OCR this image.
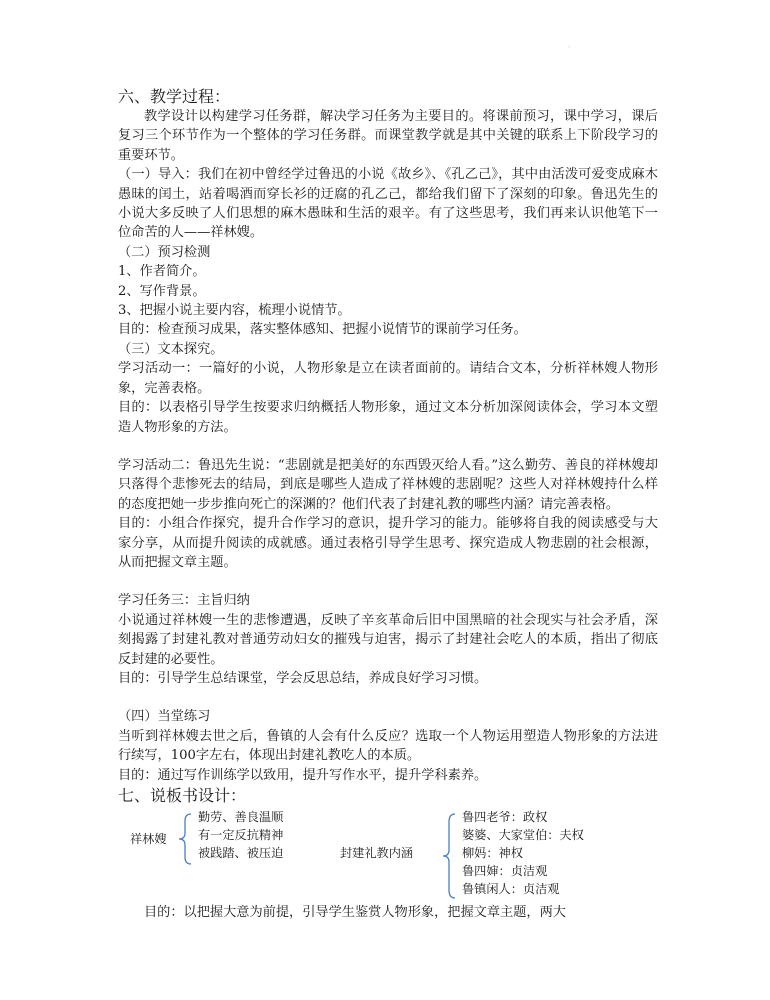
。

六、教学过程：

教学设计以构建学习任务群，解决学习任务为主要目的。将课前预习，课中学习，课后复习三个环节作为一个整体的学习任务群。而课堂教学就是其中关键的联系上下阶段学习的重要环节。

（一）导入：我们在初中曾经学过鲁迅的小说《故乡》、《孔乙己》，其中由活泼可爱变成麻木愚昧的闰土，站着喝酒而穿长衫的迂腐的孔乙己，都给我们留下了深刻的印象。鲁迅先生的小说大多反映了人们思想的麻木愚昧和生活的艰辛。有了这些思考，我们再来认识他笔下一位命苦的人——祥林嫂。

（二）预习检测

1、作者简介。

2、写作背景。

3、把握小说主要内容，梳理小说情节。

目的：检查预习成果，落实整体感知、把握小说情节的课前学习任务。

（三）文本探究。

学习活动一：一篇好的小说，人物形象是立在读者面前的。请结合文本，分析祥林嫂人物形象，完善表格。

目的：以表格引导学生按要求归纳概括人物形象，通过文本分析加深阅读体会，学习本文塑造人物形象的方法。

学习活动二：鲁迅先生说：“悲剧就是把美好的东西毁灭给人看。”这么勤劳、善良的祥林嫂却只落得个悲惨死去的结局，到底是哪些人造成了祥林嫂的悲剧呢？这些人对祥林嫂持什么样的态度把她一步步推向死亡的深渊的？他们代表了封建礼教的哪些内涵？请完善表格。

目的：小组合作探究，提升合作学习的意识，提升学习的能力。能够将自我的阅读感受与大家分享，从而提升阅读的成就感。通过表格引导学生思考、探究造成人物悲剧的社会根源，从而把握文章主题。

学习任务三：主旨归纳

小说通过祥林嫂一生的悲惨遭遇，反映了辛亥革命后旧中国黑暗的社会现实与社会矛盾，深刻揭露了封建礼教对普通劳动妇女的摧残与迫害，揭示了封建社会吃人的本质，指出了彻底反封建的必要性。

目的：引导学生总结课堂，学会反思总结，养成良好学习习惯。

（四）当堂练习

当听到祥林嫂去世之后，鲁镇的人会有什么反应？选取一个人物运用塑造人物形象的方法进行续写，100字左右，体现出封建礼教吃人的本质。

目的：通过写作训练学以致用，提升写作水平，提升学科素养。

七、说板书设计：

祥林嫂
勤劳、善良温顺
有一定反抗精神
被践踏、被压迫	封建礼教内涵
鲁四老爷：政权
婆婆、大家堂伯：夫权
柳妈：神权
鲁四婶：贞洁观
鲁镇闲人：贞洁观

目的：以把握大意为前提，引导学生鉴赏人物形象，把握文章主题，两大
